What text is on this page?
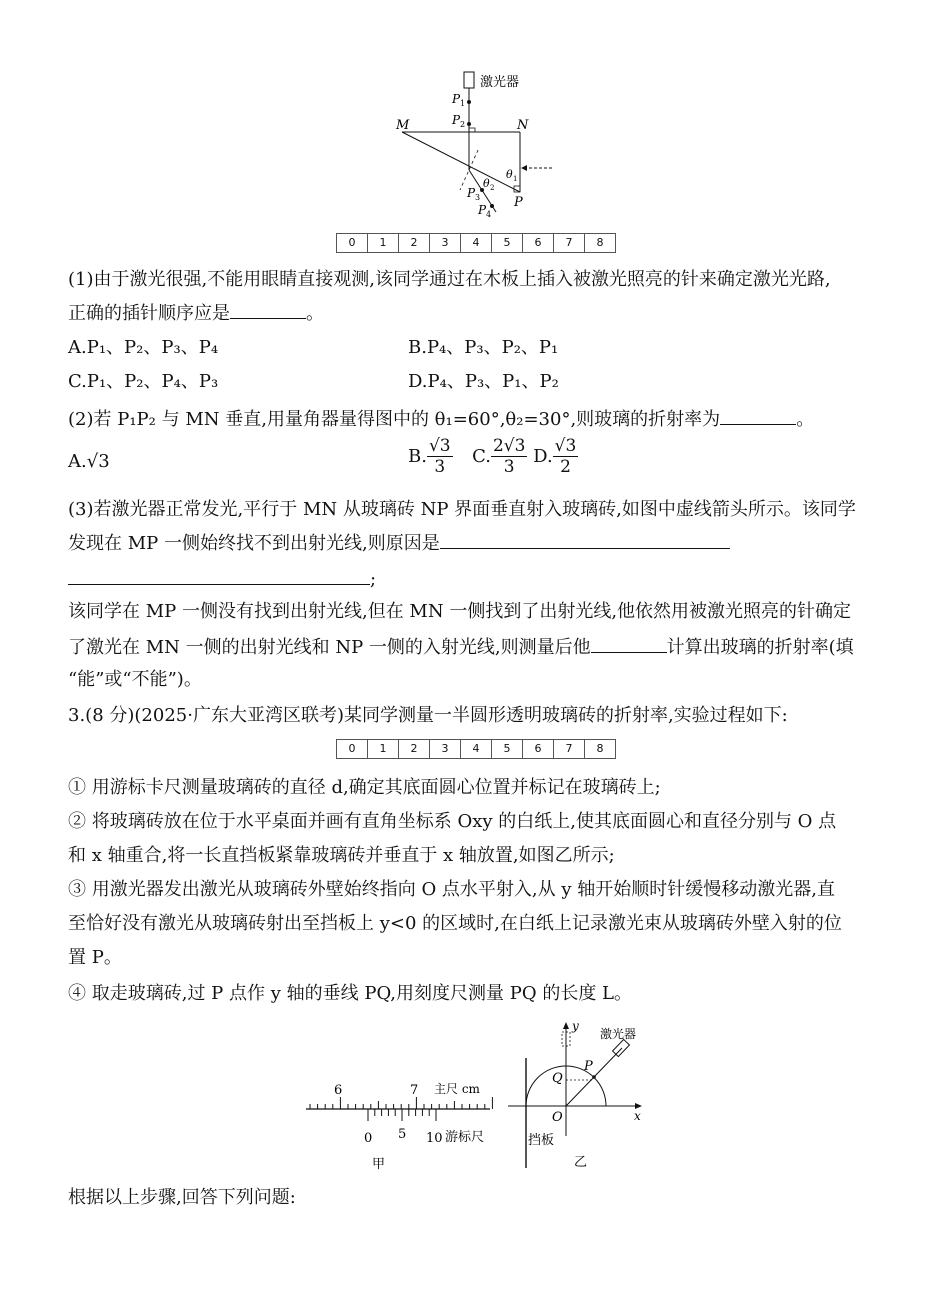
激光器
P 1
P 2
M	N
P
θ 1
θ 2
P 3
P 4
0	1	2	3	4	5	6	7	8
(1)由于激光很强,不能用眼睛直接观测,该同学通过在木板上插入被激光照亮的针来确定激光光路,
正确的插针顺序应是	。
A.P₁、P₂、P₃、P₄	B.P₄、P₃、P₂、P₁
C.P₁、P₂、P₄、P₃	D.P₄、P₃、P₁、P₂
(2)若 P₁P₂ 与 MN 垂直,用量角器量得图中的 θ₁=60°,θ₂=30°,则玻璃的折射率为	。
A.√3	B. $\frac{√3}{3} C$. $\frac{2√3}{3} D$. $\frac{√3}{2}$
(3)若激光器正常发光,平行于 MN 从玻璃砖 NP 界面垂直射入玻璃砖,如图中虚线箭头所示。该同学
发现在 MP 一侧始终找不到出射光线,则原因是
;
该同学在 MP 一侧没有找到出射光线,但在 MN 一侧找到了出射光线,他依然用被激光照亮的针确定
了激光在 MN 一侧的出射光线和 NP 一侧的入射光线,则测量后他	计算出玻璃的折射率(填
“能”或“不能”)。
3.(8 分)(2025·广东大亚湾区联考)某同学测量一半圆形透明玻璃砖的折射率,实验过程如下:
0	1	2	3	4	5	6	7	8
① 用游标卡尺测量玻璃砖的直径 d,确定其底面圆心位置并标记在玻璃砖上;
② 将玻璃砖放在位于水平桌面并画有直角坐标系 Oxy 的白纸上,使其底面圆心和直径分别与 O 点
和 x 轴重合,将一长直挡板紧靠玻璃砖并垂直于 x 轴放置,如图乙所示;
③ 用激光器发出激光从玻璃砖外壁始终指向 O 点水平射入,从 y 轴开始顺时针缓慢移动激光器,直
至恰好没有激光从玻璃砖射出至挡板上 y<0 的区域时,在白纸上记录激光束从玻璃砖外壁入射的位
置 P。
④ 取走玻璃砖,过 P 点作 y 轴的垂线 PQ,用刻度尺测量 PQ 的长度 L。
6	7 主尺 cm
0 5 10 游标尺
甲
y
x
O
挡板
Q
P
激光器
乙
根据以上步骤,回答下列问题:
